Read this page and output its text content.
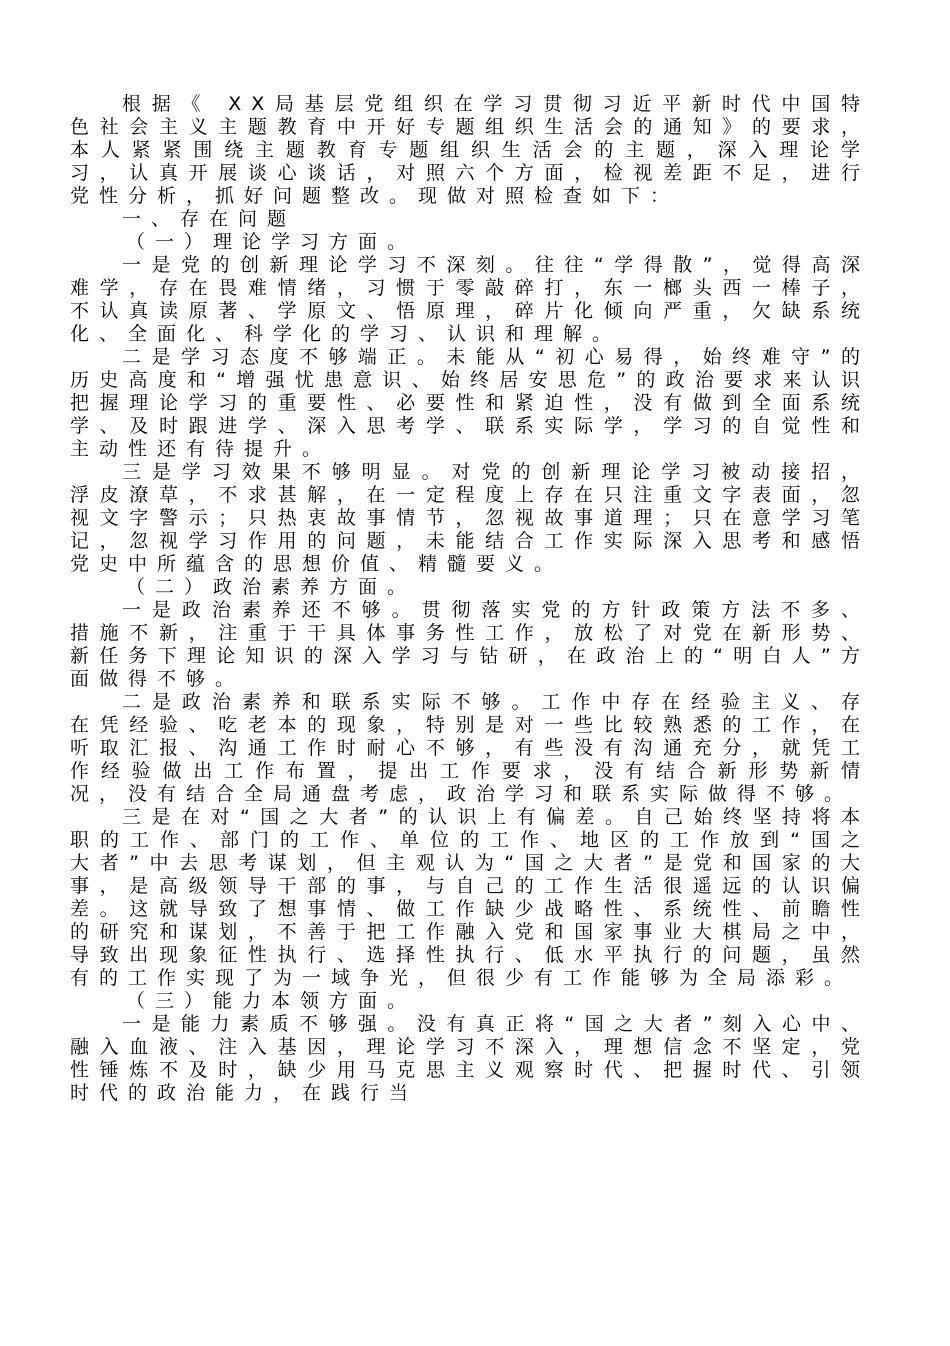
根据《 XX局基层党组织在学习贯彻习近平新时代中国特色社会主义主题教育中开好专题组织生活会的通知》的要求，本人紧紧围绕主题教育专题组织生活会的主题，深入理论学习，认真开展谈心谈话，对照六个方面，检视差距不足，进行党性分析，抓好问题整改。现做对照检查如下：

一、存在问题

（一）理论学习方面。

一是党的创新理论学习不深刻。往往“学得散”，觉得高深难学，存在畏难情绪，习惯于零敲碎打，东一榔头西一棒子，不认真读原著、学原文、悟原理，碎片化倾向严重，欠缺系统化、全面化、科学化的学习、认识和理解。

二是学习态度不够端正。未能从“初心易得，始终难守”的历史高度和“增强忧患意识、始终居安思危”的政治要求来认识把握理论学习的重要性、必要性和紧迫性，没有做到全面系统学、及时跟进学、深入思考学、联系实际学，学习的自觉性和主动性还有待提升。

三是学习效果不够明显。对党的创新理论学习被动接招，浮皮潦草，不求甚解，在一定程度上存在只注重文字表面，忽视文字警示；只热衷故事情节，忽视故事道理；只在意学习笔记，忽视学习作用的问题，未能结合工作实际深入思考和感悟党史中所蕴含的思想价值、精髓要义。

（二）政治素养方面。

一是政治素养还不够。贯彻落实党的方针政策方法不多、措施不新，注重于干具体事务性工作，放松了对党在新形势、新任务下理论知识的深入学习与钻研，在政治上的“明白人”方面做得不够。

二是政治素养和联系实际不够。工作中存在经验主义、存在凭经验、吃老本的现象，特别是对一些比较熟悉的工作，在听取汇报、沟通工作时耐心不够，有些没有沟通充分，就凭工作经验做出工作布置，提出工作要求，没有结合新形势新情况，没有结合全局通盘考虑，政治学习和联系实际做得不够。

三是在对“国之大者”的认识上有偏差。自己始终坚持将本职的工作、部门的工作、单位的工作、地区的工作放到“国之大者”中去思考谋划，但主观认为“国之大者”是党和国家的大事，是高级领导干部的事，与自己的工作生活很遥远的认识偏差。这就导致了想事情、做工作缺少战略性、系统性、前瞻性的研究和谋划，不善于把工作融入党和国家事业大棋局之中，导致出现象征性执行、选择性执行、低水平执行的问题，虽然有的工作实现了为一域争光，但很少有工作能够为全局添彩。

（三）能力本领方面。

一是能力素质不够强。没有真正将“国之大者”刻入心中、融入血液、注入基因，理论学习不深入，理想信念不坚定，党性锤炼不及时，缺少用马克思主义观察时代、把握时代、引领时代的政治能力，在践行当
